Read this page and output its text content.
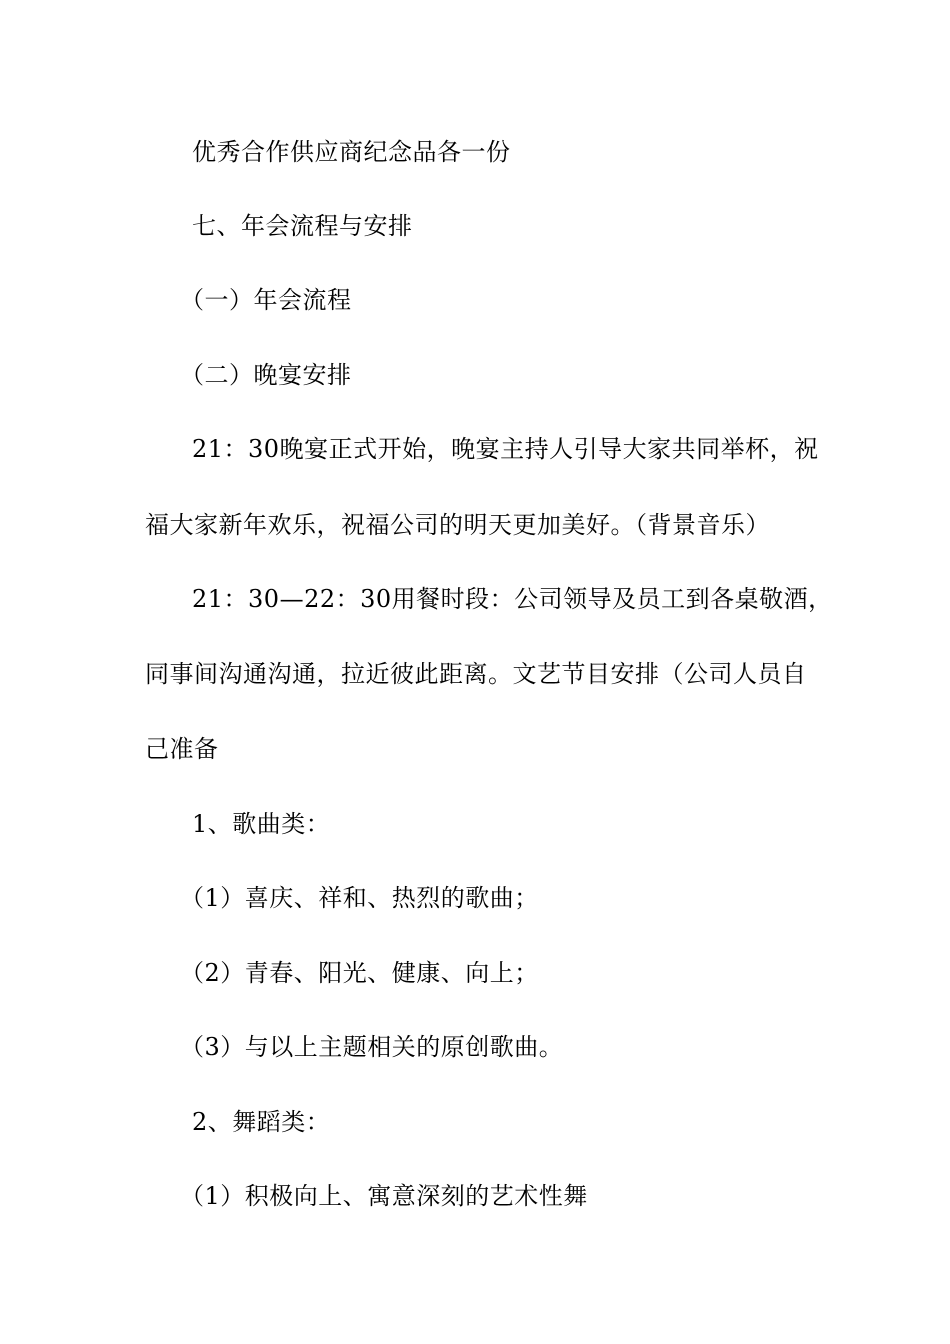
优秀合作供应商纪念品各一份
七、年会流程与安排
（一）年会流程
（二）晚宴安排
21：30晚宴正式开始，晚宴主持人引导大家共同举杯，祝
福大家新年欢乐，祝福公司的明天更加美好。（背景音乐）
21：30—22：30用餐时段：公司领导及员工到各桌敬酒，
同事间沟通沟通，拉近彼此距离。文艺节目安排（公司人员自
己准备
1、歌曲类：
（1）喜庆、祥和、热烈的歌曲；
（2）青春、阳光、健康、向上；
（3）与以上主题相关的原创歌曲。
2、舞蹈类：
（1）积极向上、寓意深刻的艺术性舞
